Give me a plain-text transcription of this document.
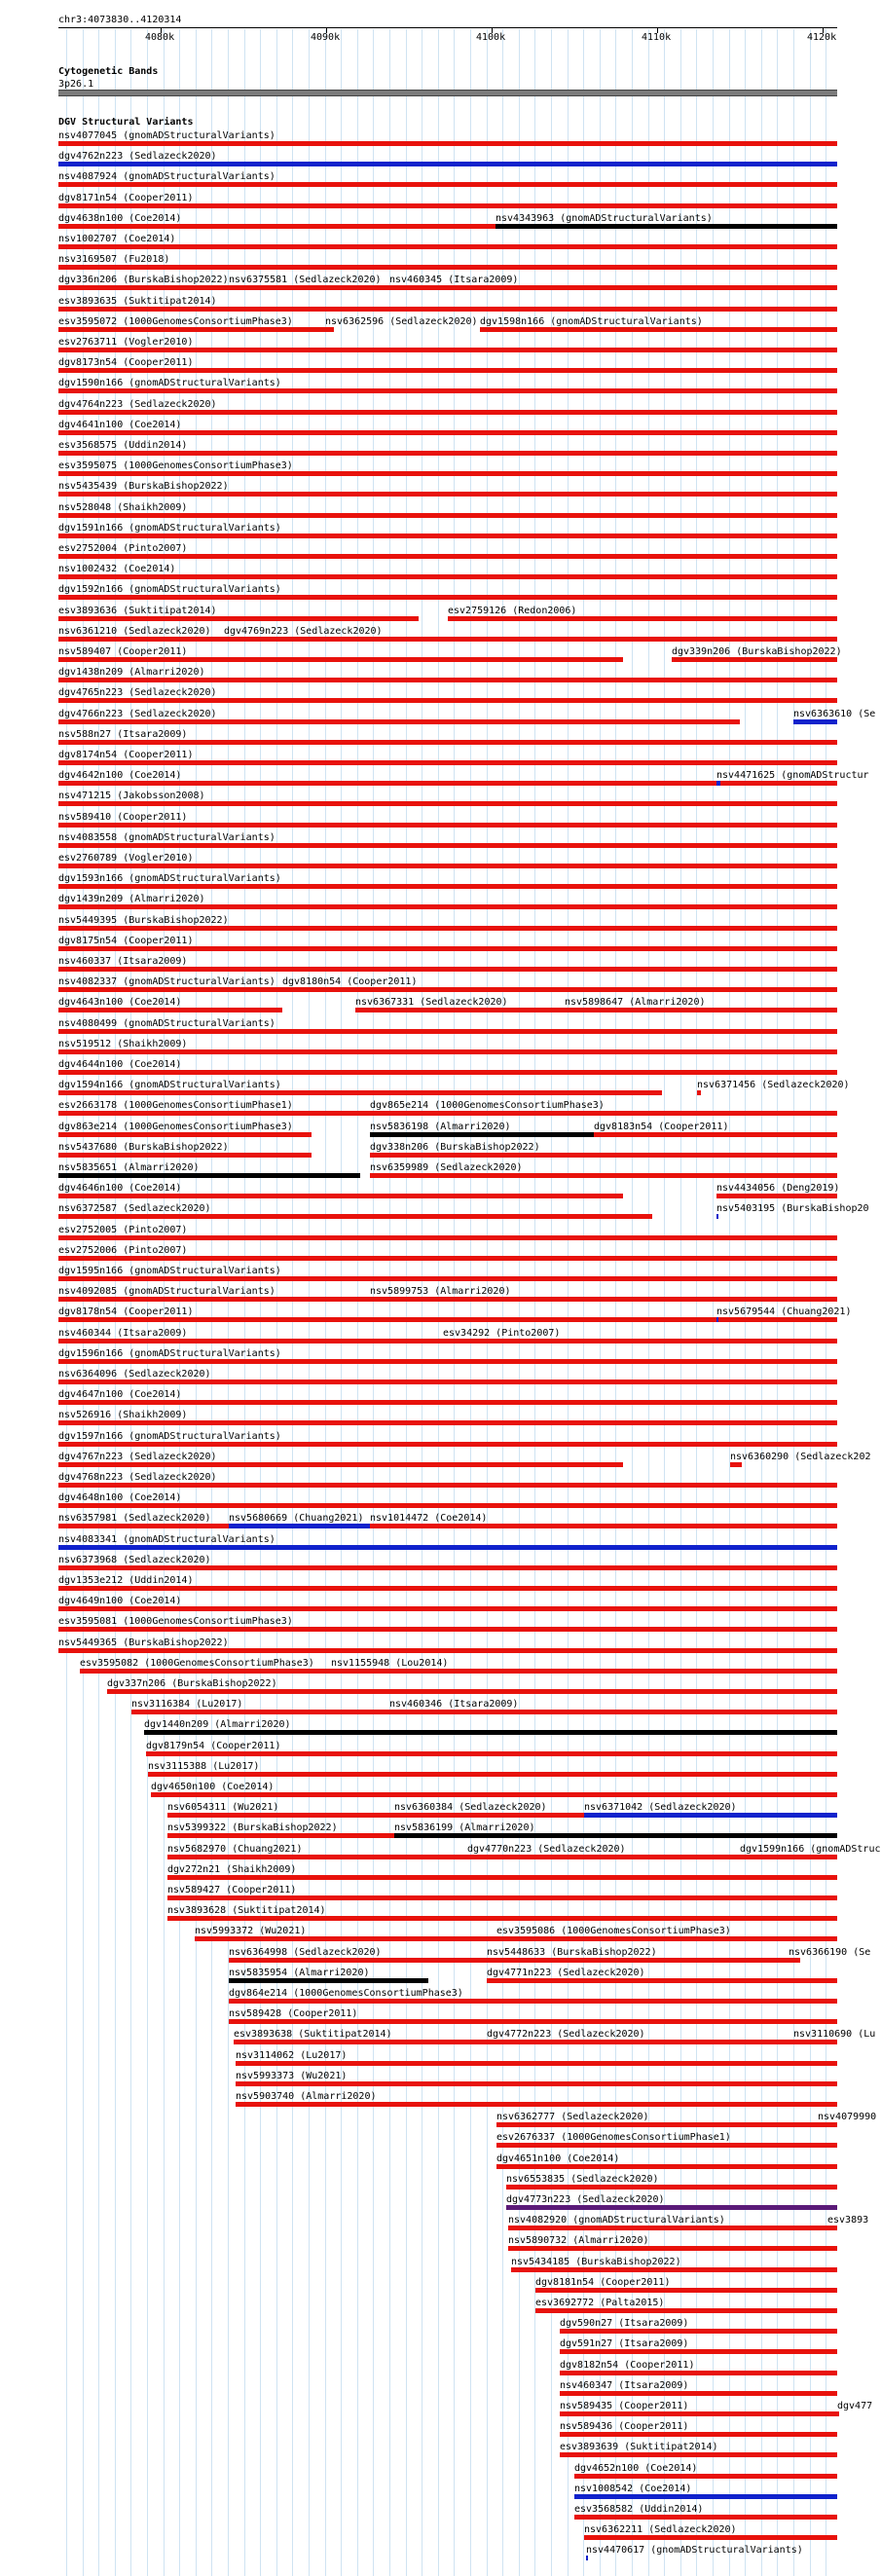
chr3:4073830..4120314
4080k	4090k	4100k	4110k	4120k
Cytogenetic Bands
3p26.1
DGV Structural Variants
nsv4077045 (gnomADStructuralVariants)
dgv4762n223 (Sedlazeck2020)
nsv4087924 (gnomADStructuralVariants)
dgv8171n54 (Cooper2011)
dgv4638n100 (Coe2014)	nsv4343963 (gnomADStructuralVariants)
nsv1002707 (Coe2014)
nsv3169507 (Fu2018)
dgv336n206 (BurskaBishop2022) nsv6375581 (Sedlazeck2020) nsv460345 (Itsara2009)
esv3893635 (Suktitipat2014)
esv3595072 (1000GenomesConsortiumPhase3)	nsv6362596 (Sedlazeck2020) dgv1598n166 (gnomADStructuralVariants)
esv2763711 (Vogler2010)
dgv8173n54 (Cooper2011)
dgv1590n166 (gnomADStructuralVariants)
dgv4764n223 (Sedlazeck2020)
dgv4641n100 (Coe2014)
esv3568575 (Uddin2014)
esv3595075 (1000GenomesConsortiumPhase3)
nsv5435439 (BurskaBishop2022)
nsv528048 (Shaikh2009)
dgv1591n166 (gnomADStructuralVariants)
esv2752004 (Pinto2007)
nsv1002432 (Coe2014)
dgv1592n166 (gnomADStructuralVariants)
esv3893636 (Suktitipat2014)	esv2759126 (Redon2006)
nsv6361210 (Sedlazeck2020) dgv4769n223 (Sedlazeck2020)
nsv589407 (Cooper2011)	dgv339n206 (BurskaBishop2022)
dgv1438n209 (Almarri2020)
dgv4765n223 (Sedlazeck2020)
dgv4766n223 (Sedlazeck2020)	nsv6363610 (Se
nsv588n27 (Itsara2009)
dgv8174n54 (Cooper2011)
dgv4642n100 (Coe2014)	nsv4471625 (gnomADStructur
nsv471215 (Jakobsson2008)
nsv589410 (Cooper2011)
nsv4083558 (gnomADStructuralVariants)
esv2760789 (Vogler2010)
dgv1593n166 (gnomADStructuralVariants)
dgv1439n209 (Almarri2020)
nsv5449395 (BurskaBishop2022)
dgv8175n54 (Cooper2011)
nsv460337 (Itsara2009)
nsv4082337 (gnomADStructuralVariants) dgv8180n54 (Cooper2011)
dgv4643n100 (Coe2014)	nsv6367331 (Sedlazeck2020)	nsv5898647 (Almarri2020)
nsv4080499 (gnomADStructuralVariants)
nsv519512 (Shaikh2009)
dgv4644n100 (Coe2014)
dgv1594n166 (gnomADStructuralVariants)	nsv6371456 (Sedlazeck2020)
esv2663178 (1000GenomesConsortiumPhase1)	dgv865e214 (1000GenomesConsortiumPhase3)
dgv863e214 (1000GenomesConsortiumPhase3)	nsv5836198 (Almarri2020)	dgv8183n54 (Cooper2011)
nsv5437680 (BurskaBishop2022)	dgv338n206 (BurskaBishop2022)
nsv5835651 (Almarri2020)	nsv6359989 (Sedlazeck2020)
dgv4646n100 (Coe2014)	nsv4434056 (Deng2019)
nsv6372587 (Sedlazeck2020)	nsv5403195 (BurskaBishop20
esv2752005 (Pinto2007)
esv2752006 (Pinto2007)
dgv1595n166 (gnomADStructuralVariants)
nsv4092085 (gnomADStructuralVariants)	nsv5899753 (Almarri2020)
dgv8178n54 (Cooper2011)	nsv5679544 (Chuang2021)
nsv460344 (Itsara2009)	esv34292 (Pinto2007)
dgv1596n166 (gnomADStructuralVariants)
nsv6364096 (Sedlazeck2020)
dgv4647n100 (Coe2014)
nsv526916 (Shaikh2009)
dgv1597n166 (gnomADStructuralVariants)
dgv4767n223 (Sedlazeck2020)	nsv6360290 (Sedlazeck202
dgv4768n223 (Sedlazeck2020)
dgv4648n100 (Coe2014)
nsv6357981 (Sedlazeck2020) nsv5680669 (Chuang2021) nsv1014472 (Coe2014)
nsv4083341 (gnomADStructuralVariants)
nsv6373968 (Sedlazeck2020)
dgv1353e212 (Uddin2014)
dgv4649n100 (Coe2014)
esv3595081 (1000GenomesConsortiumPhase3)
nsv5449365 (BurskaBishop2022)
esv3595082 (1000GenomesConsortiumPhase3) nsv1155948 (Lou2014)
dgv337n206 (BurskaBishop2022)
nsv3116384 (Lu2017)	nsv460346 (Itsara2009)
dgv1440n209 (Almarri2020)
dgv8179n54 (Cooper2011)
nsv3115388 (Lu2017)
dgv4650n100 (Coe2014)
nsv6054311 (Wu2021)	nsv6360384 (Sedlazeck2020)	nsv6371042 (Sedlazeck2020)
nsv5399322 (BurskaBishop2022)	nsv5836199 (Almarri2020)
nsv5682970 (Chuang2021)	dgv4770n223 (Sedlazeck2020)	dgv1599n166 (gnomADStruc
dgv272n21 (Shaikh2009)
nsv589427 (Cooper2011)
nsv3893628 (Suktitipat2014)
nsv5993372 (Wu2021)	esv3595086 (1000GenomesConsortiumPhase3)
nsv6364998 (Sedlazeck2020)	nsv5448633 (BurskaBishop2022)	nsv6366190 (Se
nsv5835954 (Almarri2020)	dgv4771n223 (Sedlazeck2020)
dgv864e214 (1000GenomesConsortiumPhase3)
nsv589428 (Cooper2011)
esv3893638 (Suktitipat2014)	dgv4772n223 (Sedlazeck2020)	nsv3110690 (Lu
nsv3114062 (Lu2017)
nsv5993373 (Wu2021)
nsv5903740 (Almarri2020)
nsv6362777 (Sedlazeck2020)	nsv4079990
esv2676337 (1000GenomesConsortiumPhase1)
dgv4651n100 (Coe2014)
nsv6553835 (Sedlazeck2020)
dgv4773n223 (Sedlazeck2020)
nsv4082920 (gnomADStructuralVariants)	esv3893
nsv5890732 (Almarri2020)
nsv5434185 (BurskaBishop2022)
dgv8181n54 (Cooper2011)
esv3692772 (Palta2015)
dgv590n27 (Itsara2009)
dgv591n27 (Itsara2009)
dgv8182n54 (Cooper2011)
nsv460347 (Itsara2009)
nsv589435 (Cooper2011)	dgv477
nsv589436 (Cooper2011)
esv3893639 (Suktitipat2014)
dgv4652n100 (Coe2014)
nsv1008542 (Coe2014)
esv3568582 (Uddin2014)
nsv6362211 (Sedlazeck2020)
nsv4470617 (gnomADStructuralVariants)
